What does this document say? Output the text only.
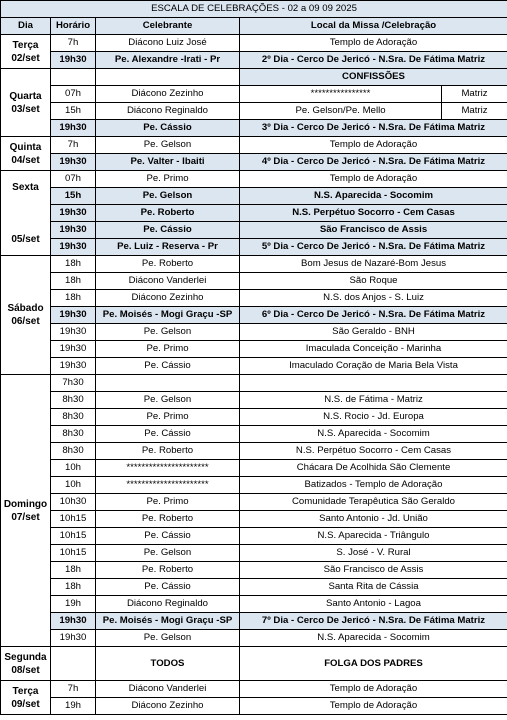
ESCALA DE CELEBRAÇÕES - 02 a 09 09 2025				
Dia	Horário	Celebrante	Local da Missa /Celebração	
Terça
02/set	7h	Diácono Luiz José	Templo de Adoração	
	19h30	Pe. Alexandre -Irati - Pr	2º Dia - Cerco De Jericó - N.Sra. De Fátima Matriz	
Quarta
03/set			CONFISSÕES	
	07h	Diácono Zezinho	****************	Matriz
	15h	Diácono Reginaldo	Pe. Gelson/Pe. Mello	Matriz
	19h30	Pe. Cássio	3º Dia - Cerco De Jericó - N.Sra. De Fátima Matriz	
Quinta
04/set	7h	Pe. Gelson	Templo de Adoração	
	19h30	Pe. Valter - Ibaiti	4º Dia - Cerco De Jericó - N.Sra. De Fátima Matriz	
Sexta

05/set	07h	Pe. Primo	Templo de Adoração	
	15h	Pe. Gelson	N.S. Aparecida - Socomim	
	19h30	Pe. Roberto	N.S. Perpétuo Socorro - Cem Casas	
	19h30	Pe. Cássio	São Francisco de Assis	
	19h30	Pe. Luiz - Reserva - Pr	5º Dia - Cerco De Jericó - N.Sra. De Fátima Matriz	
Sábado
06/set	18h	Pe. Roberto	Bom Jesus de Nazaré-Bom Jesus	
	18h	Diácono Vanderlei	São Roque	
	18h	Diácono Zezinho	N.S. dos Anjos - S. Luiz	
	19h30	Pe. Moisés - Mogi Graçu -SP	6º Dia - Cerco De Jericó - N.Sra. De Fátima Matriz	
	19h30	Pe. Gelson	São Geraldo - BNH	
	19h30	Pe. Primo	Imaculada Conceição - Marinha	
	19h30	Pe. Cássio	Imaculado Coração de Maria Bela Vista	
Domingo
07/set	7h30			
	8h30	Pe. Gelson	N.S. de Fátima - Matriz	
	8h30	Pe. Primo	N.S. Rocio - Jd. Europa	
	8h30	Pe. Cássio	N.S. Aparecida - Socomim	
	8h30	Pe. Roberto	N.S. Perpétuo Socorro - Cem Casas	
	10h	**********************	Chácara De Acolhida São Clemente	
	10h	**********************	Batizados - Templo de Adoração	
	10h30	Pe. Primo	Comunidade Terapêutica São Geraldo	
	10h15	Pe. Roberto	Santo Antonio - Jd. União	
	10h15	Pe. Cássio	N.S. Aparecida - Triângulo	
	10h15	Pe. Gelson	S. José - V. Rural	
	18h	Pe. Roberto	São Francisco de Assis	
	18h	Pe. Cássio	Santa Rita de Cássia	
	19h	Diácono Reginaldo	Santo Antonio - Lagoa	
	19h30	Pe. Moisés - Mogi Graçu -SP	7º Dia - Cerco De Jericó - N.Sra. De Fátima Matriz	
	19h30	Pe. Gelson	N.S. Aparecida - Socomim	
Segunda
08/set		TODOS	FOLGA DOS PADRES	
Terça
09/set	7h	Diácono Vanderlei	Templo de Adoração	
	19h	Diácono Zezinho	Templo de Adoração	
